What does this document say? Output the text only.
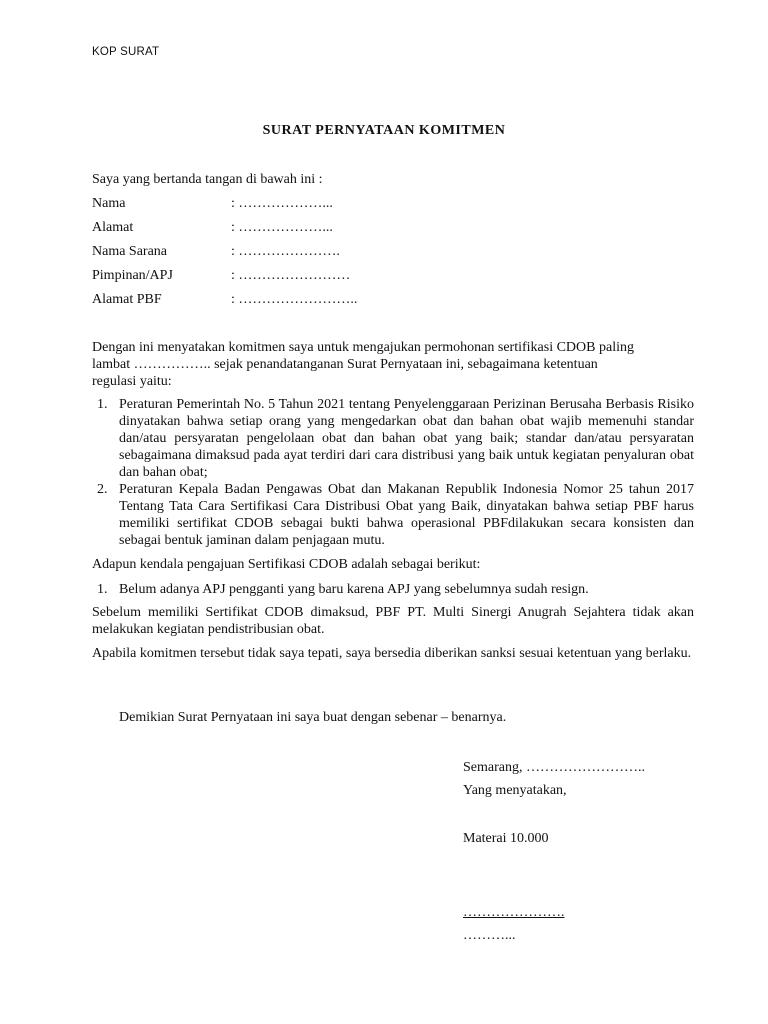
KOP SURAT
SURAT PERNYATAAN KOMITMEN
Saya yang bertanda tangan di bawah ini :
Nama	: ………………...
Alamat	: ………………...
Nama Sarana	: ………………….
Pimpinan/APJ	: ……………………
Alamat PBF	: ……………………..
Dengan ini menyatakan komitmen saya untuk mengajukan permohonan sertifikasi CDOB paling
lambat …………….. sejak penandatanganan Surat Pernyataan ini, sebagaimana ketentuan
regulasi yaitu:
1. Peraturan Pemerintah No. 5 Tahun 2021 tentang Penyelenggaraan Perizinan Berusaha Berbasis Risiko dinyatakan bahwa setiap orang yang mengedarkan obat dan bahan obat wajib memenuhi standar dan/atau persyaratan pengelolaan obat dan bahan obat yang baik; standar dan/atau persyaratan sebagaimana dimaksud pada ayat terdiri dari cara distribusi yang baik untuk kegiatan penyaluran obat dan bahan obat;
2. Peraturan Kepala Badan Pengawas Obat dan Makanan Republik Indonesia Nomor 25 tahun 2017 Tentang Tata Cara Sertifikasi Cara Distribusi Obat yang Baik, dinyatakan bahwa setiap PBF harus memiliki sertifikat CDOB sebagai bukti bahwa operasional PBFdilakukan secara konsisten dan sebagai bentuk jaminan dalam penjagaan mutu.
Adapun kendala pengajuan Sertifikasi CDOB adalah sebagai berikut:
1. Belum adanya APJ pengganti yang baru karena APJ yang sebelumnya sudah resign.
Sebelum memiliki Sertifikat CDOB dimaksud, PBF PT. Multi Sinergi Anugrah Sejahtera tidak akan melakukan kegiatan pendistribusian obat.
Apabila komitmen tersebut tidak saya tepati, saya bersedia diberikan sanksi sesuai ketentuan yang berlaku.
Demikian Surat Pernyataan ini saya buat dengan sebenar – benarnya.
Semarang, ……………………..
Yang menyatakan,
Materai 10.000
………………….
………...
